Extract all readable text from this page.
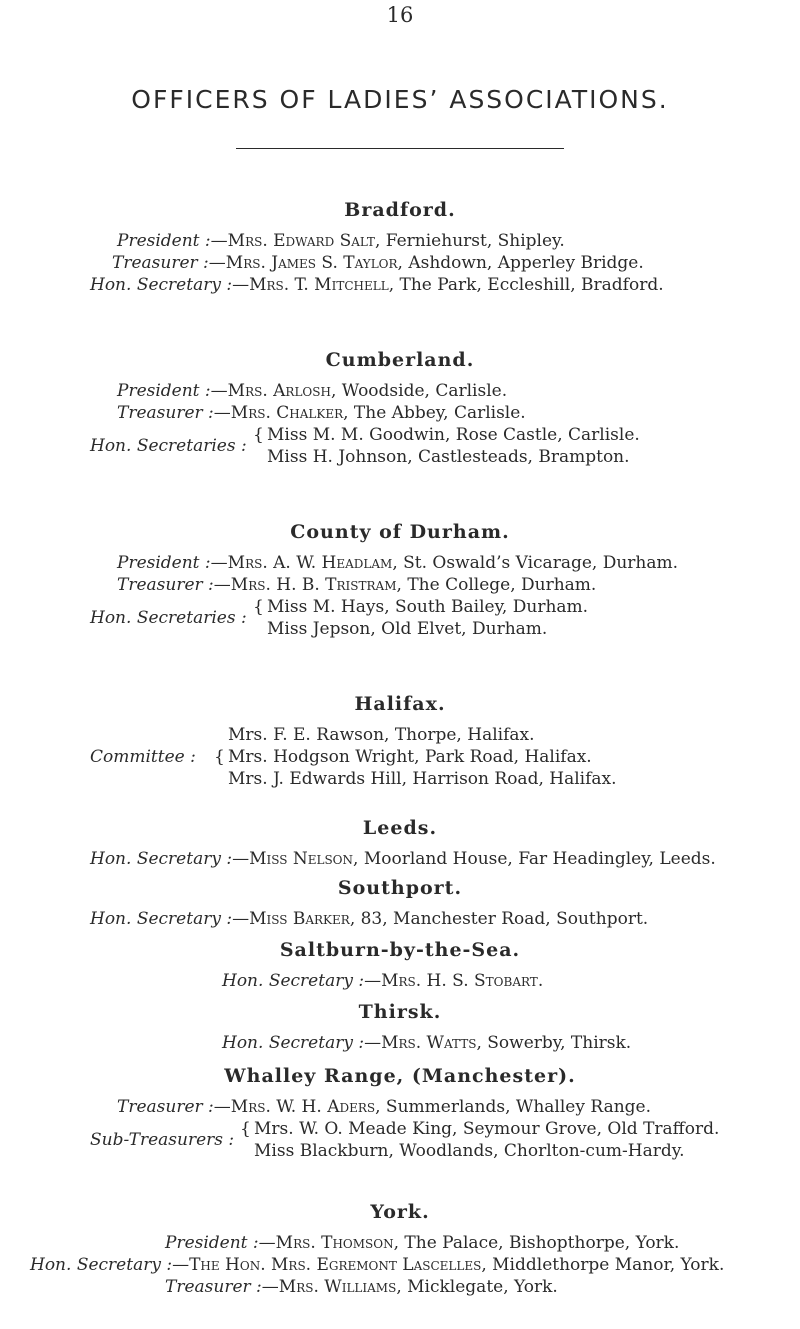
16
OFFICERS OF LADIES’ ASSOCIATIONS.
Bradford.
President :—Mrs. Edward Salt, Ferniehurst, Shipley.
Treasurer :—Mrs. James S. Taylor, Ashdown, Apperley Bridge.
Hon. Secretary :—Mrs. T. Mitchell, The Park, Eccleshill, Bradford.
Cumberland.
President :—Mrs. Arlosh, Woodside, Carlisle.
Treasurer :—Mrs. Chalker, The Abbey, Carlisle.
Hon. Secretaries :
{ Miss M. M. Goodwin, Rose Castle, Carlisle.
Miss H. Johnson, Castlesteads, Brampton.
County of Durham.
President :—Mrs. A. W. Headlam, St. Oswald’s Vicarage, Durham.
Treasurer :—Mrs. H. B. Tristram, The College, Durham.
Hon. Secretaries :
{ Miss M. Hays, South Bailey, Durham.
Miss Jepson, Old Elvet, Durham.
Halifax.
Committee : {
Mrs. F. E. Rawson, Thorpe, Halifax.
Mrs. Hodgson Wright, Park Road, Halifax.
Mrs. J. Edwards Hill, Harrison Road, Halifax.
Leeds.
Hon. Secretary :—Miss Nelson, Moorland House, Far Headingley, Leeds.
Southport.
Hon. Secretary :—Miss Barker, 83, Manchester Road, Southport.
Saltburn-by-the-Sea.
Hon. Secretary :—Mrs. H. S. Stobart.
Thirsk.
Hon. Secretary :—Mrs. Watts, Sowerby, Thirsk.
Whalley Range, (Manchester).
Treasurer :—Mrs. W. H. Aders, Summerlands, Whalley Range.
Sub-Treasurers :
{ Mrs. W. O. Meade King, Seymour Grove, Old Trafford.
Miss Blackburn, Woodlands, Chorlton-cum-Hardy.
York.
President :—Mrs. Thomson, The Palace, Bishopthorpe, York.
Hon. Secretary :—The Hon. Mrs. Egremont Lascelles, Middlethorpe Manor, York.
Treasurer :—Mrs. Williams, Micklegate, York.
